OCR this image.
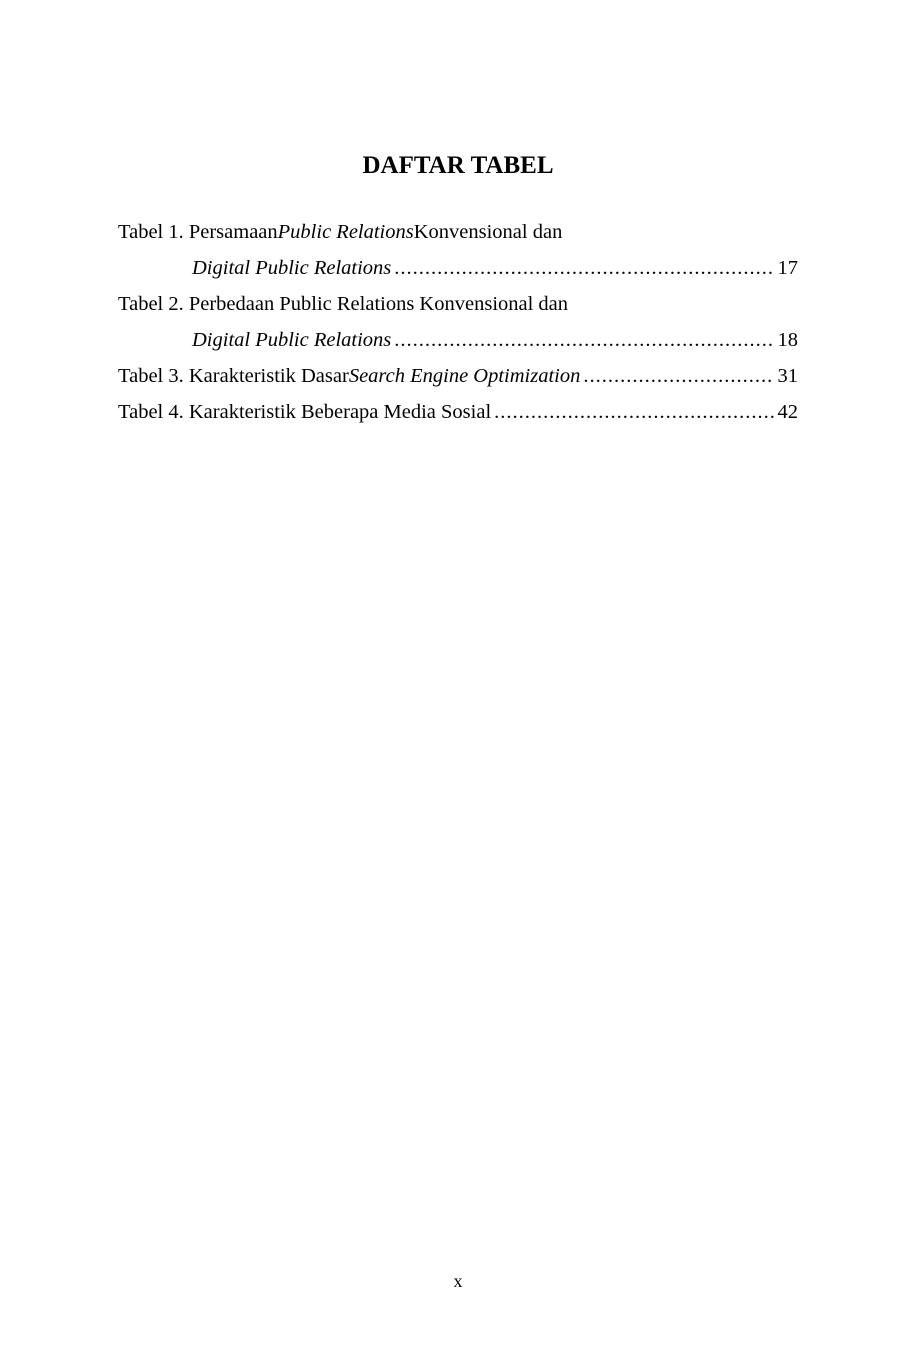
DAFTAR TABEL
Tabel 1.
Persamaan Public Relations Konvensional dan
Digital Public Relations .....	17
Tabel 2.
Perbedaan Public Relations Konvensional dan
Digital Public Relations .....	18
Tabel 3.
Karakteristik Dasar Search Engine Optimization .....	31
Tabel 4.
Karakteristik Beberapa Media Sosial .....	42
x
